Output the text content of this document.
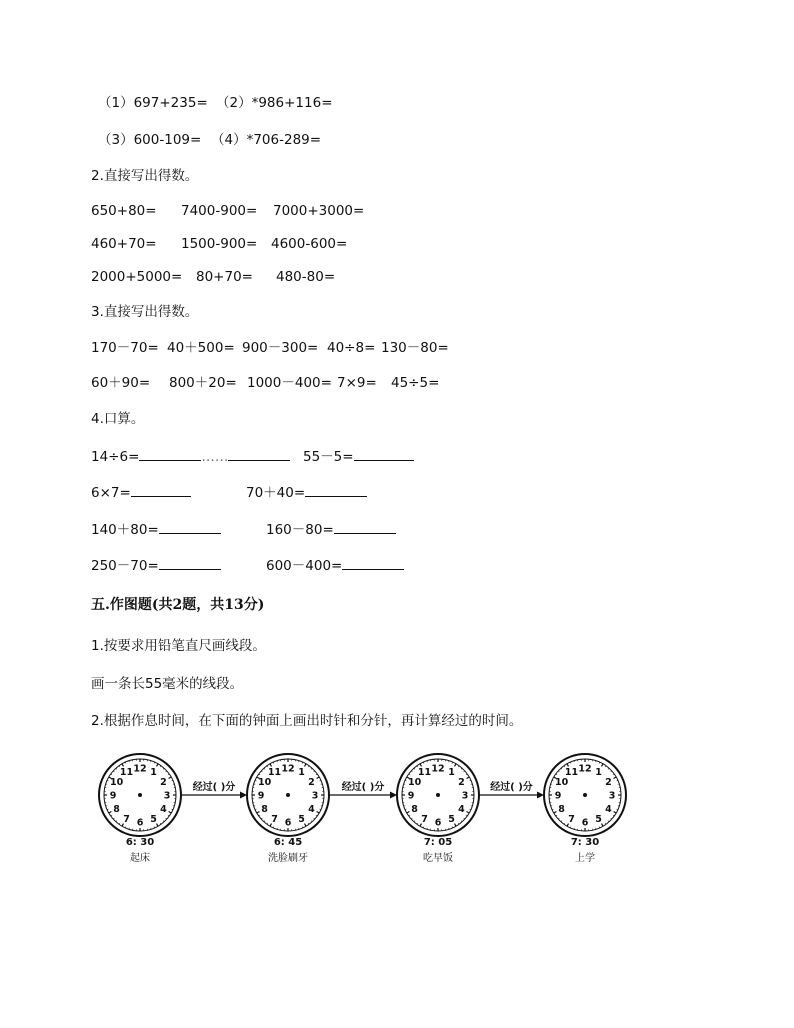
（1）697+235= （2）*986+116=
（3）600-109= （4）*706-289=
2.直接写出得数。
650+80= 7400-900= 7000+3000=
460+70= 1500-900= 4600-600=
2000+5000= 80+70= 480-80=
3.直接写出得数。
170－70= 40＋500= 900－300= 40÷8= 130－80=
60＋90= 800＋20= 1000－400= 7×9= 45÷5=
4.口算。
14÷6=	……	55－5=
6×7=	70＋40=
140＋80=	160－80=
250－70=	600－400=
五.作图题(共2题，共13分)
1.按要求用铅笔直尺画线段。
画一条长55毫米的线段。
2.根据作息时间，在下面的钟面上画出时针和分针，再计算经过的时间。
12 1
2
3
4
5
6
7
8
9
10
11
6: 30
起床
12 1
2
3
4
5
6
7
8
9
10
11
6: 45
洗脸刷牙
12 1
2
3
4
5
6
7
8
9
10
11
7: 05
吃早饭
12 1
2
3
4
5
6
7
8
9
10
11
7: 30
上学
经过( )分	经过( )分	经过( )分
